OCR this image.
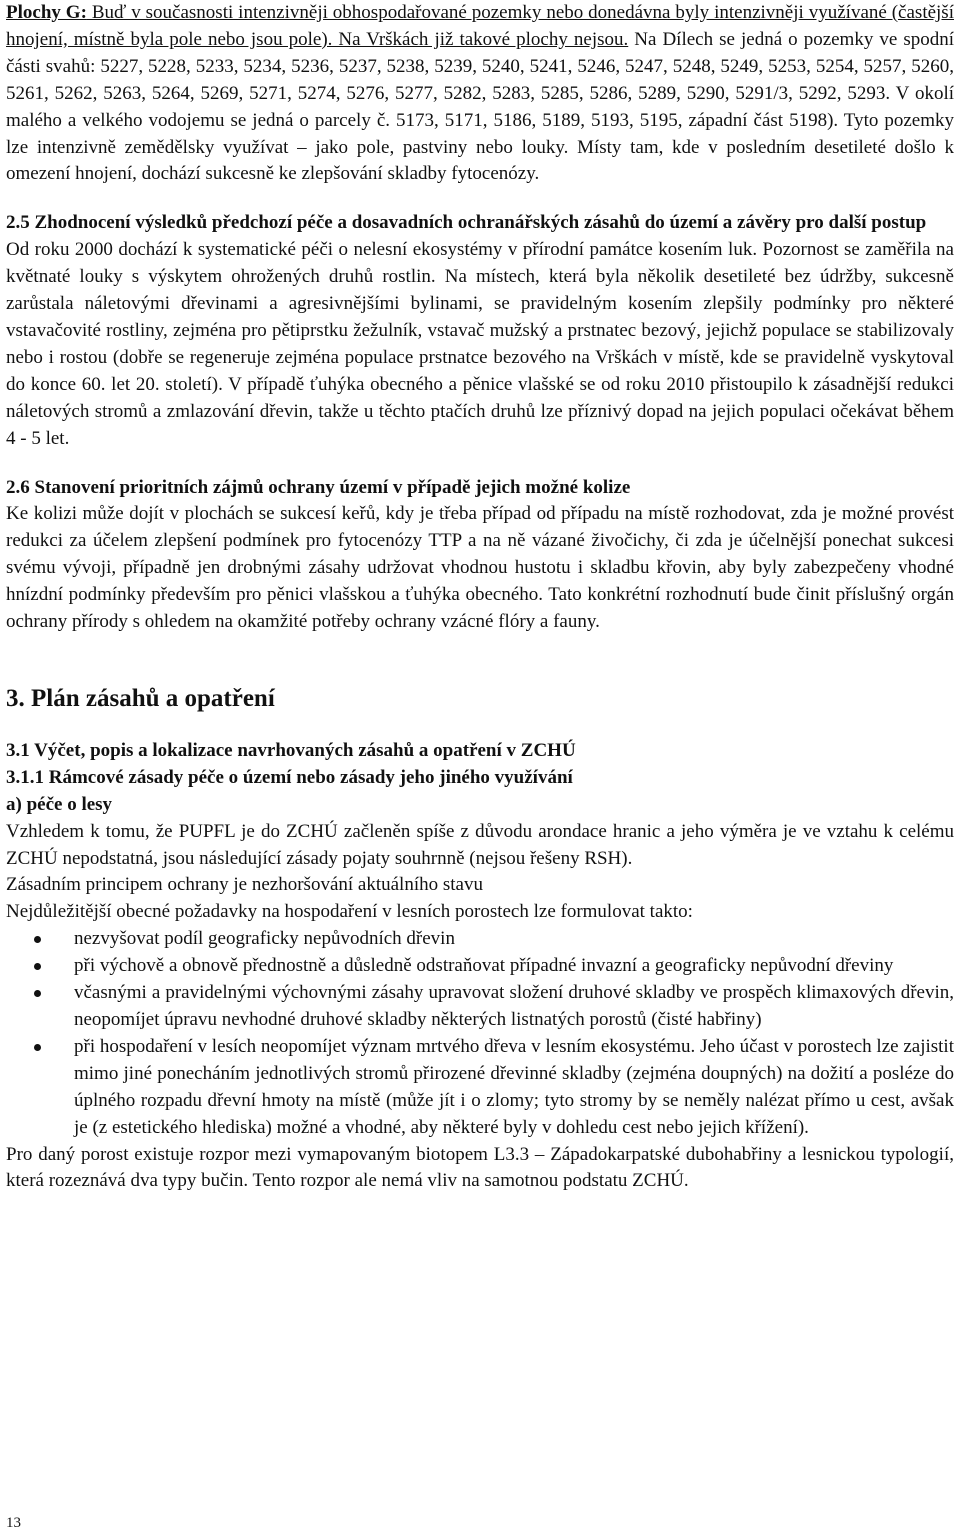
Plochy G: Buď v současnosti intenzivněji obhospodařované pozemky nebo donedávna byly intenzivněji využívané (častější hnojení, místně byla pole nebo jsou pole). Na Vrškách již takové plochy nejsou. Na Dílech se jedná o pozemky ve spodní části svahů: 5227, 5228, 5233, 5234, 5236, 5237, 5238, 5239, 5240, 5241, 5246, 5247, 5248, 5249, 5253, 5254, 5257, 5260, 5261, 5262, 5263, 5264, 5269, 5271, 5274, 5276, 5277, 5282, 5283, 5285, 5286, 5289, 5290, 5291/3, 5292, 5293. V okolí malého a velkého vodojemu se jedná o parcely č. 5173, 5171, 5186, 5189, 5193, 5195, západní část 5198). Tyto pozemky lze intenzivně zemědělsky využívat – jako pole, pastviny nebo louky. Místy tam, kde v posledním desetileté došlo k omezení hnojení, dochází sukcesně ke zlepšování skladby fytocenózy.

2.5 Zhodnocení výsledků předchozí péče a dosavadních ochranářských zásahů do území a závěry pro další postup

Od roku 2000 dochází k systematické péči o nelesní ekosystémy v přírodní památce kosením luk. Pozornost se zaměřila na květnaté louky s výskytem ohrožených druhů rostlin. Na místech, která byla několik desetileté bez údržby, sukcesně zarůstala náletovými dřevinami a agresivnějšími bylinami, se pravidelným kosením zlepšily podmínky pro některé vstavačovité rostliny, zejména pro pětiprstku žežulník, vstavač mužský a prstnatec bezový, jejichž populace se stabilizovaly nebo i rostou (dobře se regeneruje zejména populace prstnatce bezového na Vrškách v místě, kde se pravidelně vyskytoval do konce 60. let 20. století). V případě ťuhýka obecného a pěnice vlašské se od roku 2010 přistoupilo k zásadnější redukci náletových stromů a zmlazování dřevin, takže u těchto ptačích druhů lze příznivý dopad na jejich populaci očekávat během 4 - 5 let.

2.6 Stanovení prioritních zájmů ochrany území v případě jejich možné kolize

Ke kolizi může dojít v plochách se sukcesí keřů, kdy je třeba případ od případu na místě rozhodovat, zda je možné provést redukci za účelem zlepšení podmínek pro fytocenózy TTP a na ně vázané živočichy, či zda je účelnější ponechat sukcesi svému vývoji, případně jen drobnými zásahy udržovat vhodnou hustotu i skladbu křovin, aby byly zabezpečeny vhodné hnízdní podmínky především pro pěnici vlašskou a ťuhýka obecného. Tato konkrétní rozhodnutí bude činit příslušný orgán ochrany přírody s ohledem na okamžité potřeby ochrany vzácné flóry a fauny.

3. Plán zásahů a opatření
3.1 Výčet, popis a lokalizace navrhovaných zásahů a opatření v ZCHÚ
3.1.1 Rámcové zásady péče o území nebo zásady jeho jiného využívání
a) péče o lesy

Vzhledem k tomu, že PUPFL je do ZCHÚ začleněn spíše z důvodu arondace hranic a jeho výměra je ve vztahu k celému ZCHÚ nepodstatná, jsou následující zásady pojaty souhrnně (nejsou řešeny RSH).

Zásadním principem ochrany je nezhoršování aktuálního stavu

Nejdůležitější obecné požadavky na hospodaření v lesních porostech lze formulovat takto:

nezvyšovat podíl geograficky nepůvodních dřevin
při výchově a obnově přednostně a důsledně odstraňovat případné invazní a geograficky nepůvodní dřeviny
včasnými a pravidelnými výchovnými zásahy upravovat složení druhové skladby ve prospěch klimaxových dřevin, neopomíjet úpravu nevhodné druhové skladby některých listnatých porostů (čisté habřiny)
při hospodaření v lesích neopomíjet význam mrtvého dřeva v lesním ekosystému. Jeho účast v porostech lze zajistit mimo jiné ponecháním jednotlivých stromů přirozené dřevinné skladby (zejména doupných) na dožití a posléze do úplného rozpadu dřevní hmoty na místě (může jít i o zlomy; tyto stromy by se neměly nalézat přímo u cest, avšak je (z estetického hlediska) možné a vhodné, aby některé byly v dohledu cest nebo jejich křížení).

Pro daný porost existuje rozpor mezi vymapovaným biotopem L3.3 – Západokarpatské dubohabřiny a lesnickou typologií, která rozeznává dva typy bučin. Tento rozpor ale nemá vliv na samotnou podstatu ZCHÚ.

13
